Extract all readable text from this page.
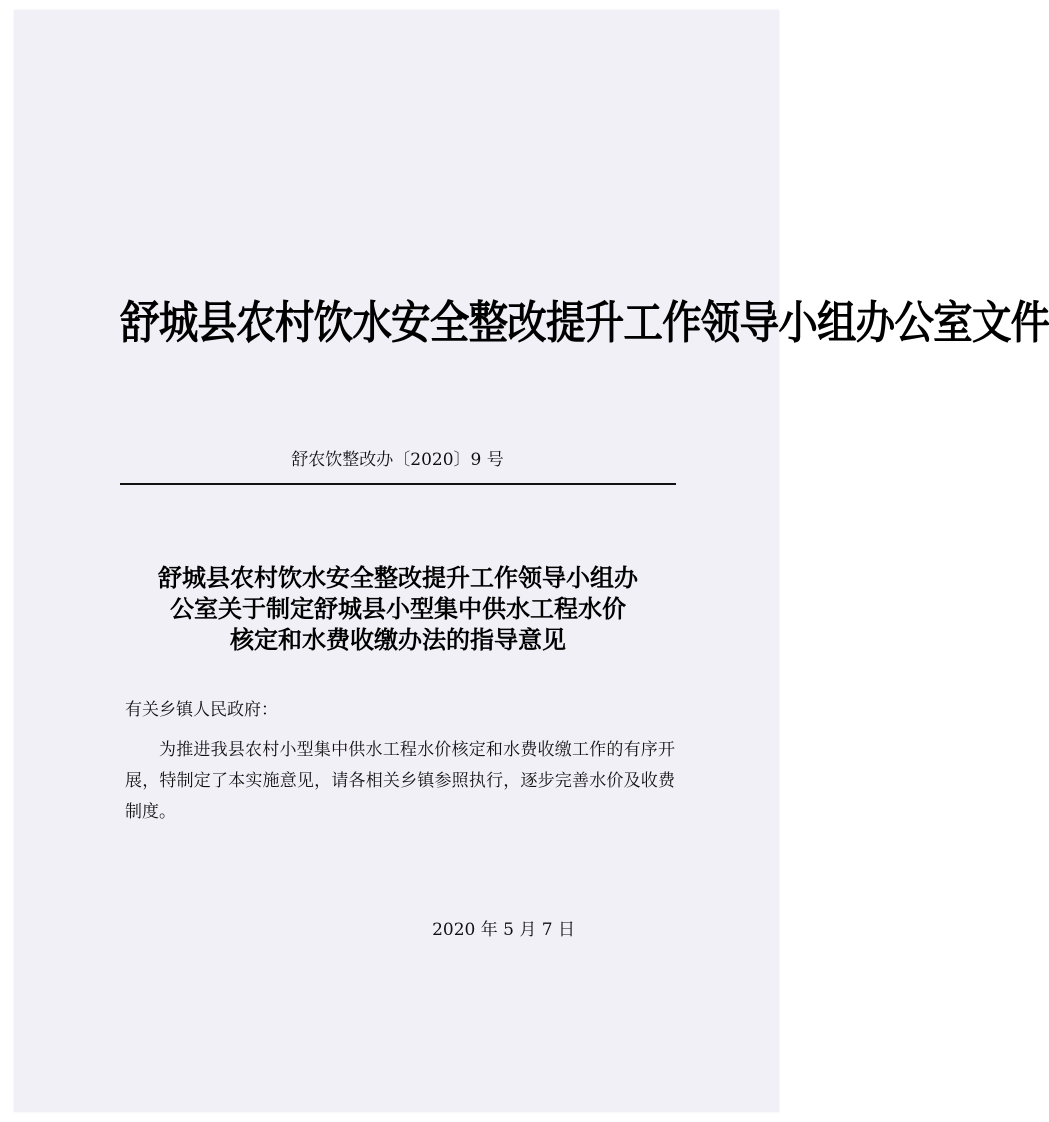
舒城县农村饮水安全整改提升工作领导小组办公室文件
舒农饮整改办〔2020〕9 号
舒城县农村饮水安全整改提升工作领导小组办
公室关于制定舒城县小型集中供水工程水价
核定和水费收缴办法的指导意见
有关乡镇人民政府：

为推进我县农村小型集中供水工程水价核定和水费收缴工作的有序开展，特制定了本实施意见，请各相关乡镇参照执行，逐步完善水价及收费制度。

2020 年 5 月 7 日
